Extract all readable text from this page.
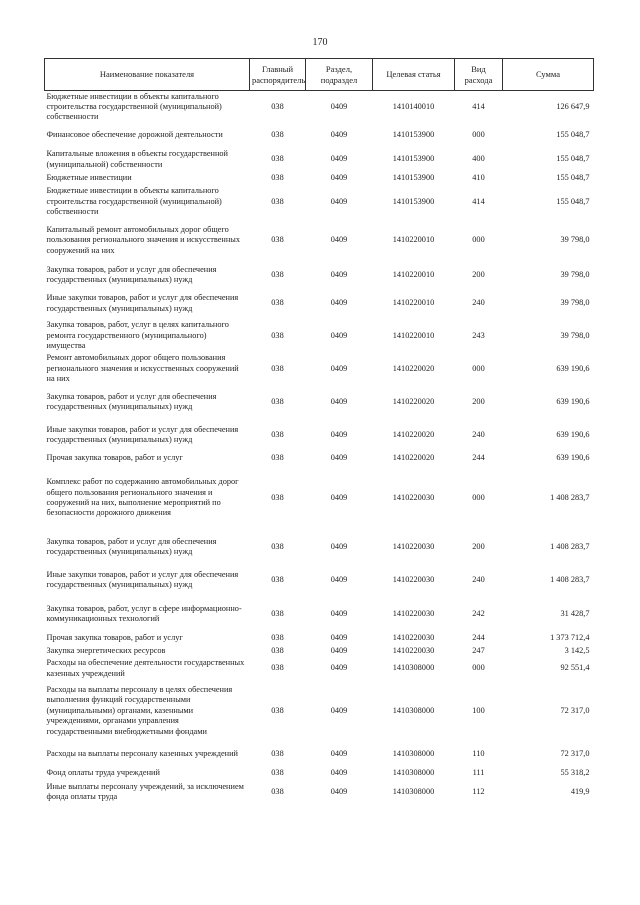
170
Наименование показателя	Главный распорядитель	Раздел, подраздел	Целевая статья	Вид расхода	Сумма
Бюджетные инвестиции в объекты капитального строительства государственной (муниципальной) собственности	038	0409	1410140010	414	126 647,9
Финансовое обеспечение дорожной деятельности	038	0409	1410153900	000	155 048,7
Капитальные вложения в объекты государственной (муниципальной) собственности	038	0409	1410153900	400	155 048,7
Бюджетные инвестиции	038	0409	1410153900	410	155 048,7
Бюджетные инвестиции в объекты капитального строительства государственной (муниципальной) собственности	038	0409	1410153900	414	155 048,7
Капитальный ремонт автомобильных дорог общего пользования регионального значения и искусственных сооружений на них	038	0409	1410220010	000	39 798,0
Закупка товаров, работ и услуг для обеспечения государственных (муниципальных) нужд	038	0409	1410220010	200	39 798,0
Иные закупки товаров, работ и услуг для обеспечения государственных (муниципальных) нужд	038	0409	1410220010	240	39 798,0
Закупка товаров, работ, услуг в целях капитального ремонта государственного (муниципального) имущества	038	0409	1410220010	243	39 798,0
Ремонт автомобильных дорог общего пользования регионального значения и искусственных сооружений на них	038	0409	1410220020	000	639 190,6
Закупка товаров, работ и услуг для обеспечения государственных (муниципальных) нужд	038	0409	1410220020	200	639 190,6
Иные закупки товаров, работ и услуг для обеспечения государственных (муниципальных) нужд	038	0409	1410220020	240	639 190,6
Прочая закупка товаров, работ и услуг	038	0409	1410220020	244	639 190,6
Комплекс работ по содержанию автомобильных дорог общего пользования регионального значения и сооружений на них, выполнение мероприятий по безопасности дорожного движения	038	0409	1410220030	000	1 408 283,7
Закупка товаров, работ и услуг для обеспечения государственных (муниципальных) нужд	038	0409	1410220030	200	1 408 283,7
Иные закупки товаров, работ и услуг для обеспечения государственных (муниципальных) нужд	038	0409	1410220030	240	1 408 283,7
Закупка товаров, работ, услуг в сфере информационно-коммуникационных технологий	038	0409	1410220030	242	31 428,7
Прочая закупка товаров, работ и услуг	038	0409	1410220030	244	1 373 712,4
Закупка энергетических ресурсов	038	0409	1410220030	247	3 142,5
Расходы на обеспечение деятельности государственных казенных учреждений	038	0409	1410308000	000	92 551,4
Расходы на выплаты персоналу в целях обеспечения выполнения функций государственными (муниципальными) органами, казенными учреждениями, органами управления государственными внебюджетными фондами	038	0409	1410308000	100	72 317,0
Расходы на выплаты персоналу казенных учреждений	038	0409	1410308000	110	72 317,0
Фонд оплаты труда учреждений	038	0409	1410308000	111	55 318,2
Иные выплаты персоналу учреждений, за исключением фонда оплаты труда	038	0409	1410308000	112	419,9
